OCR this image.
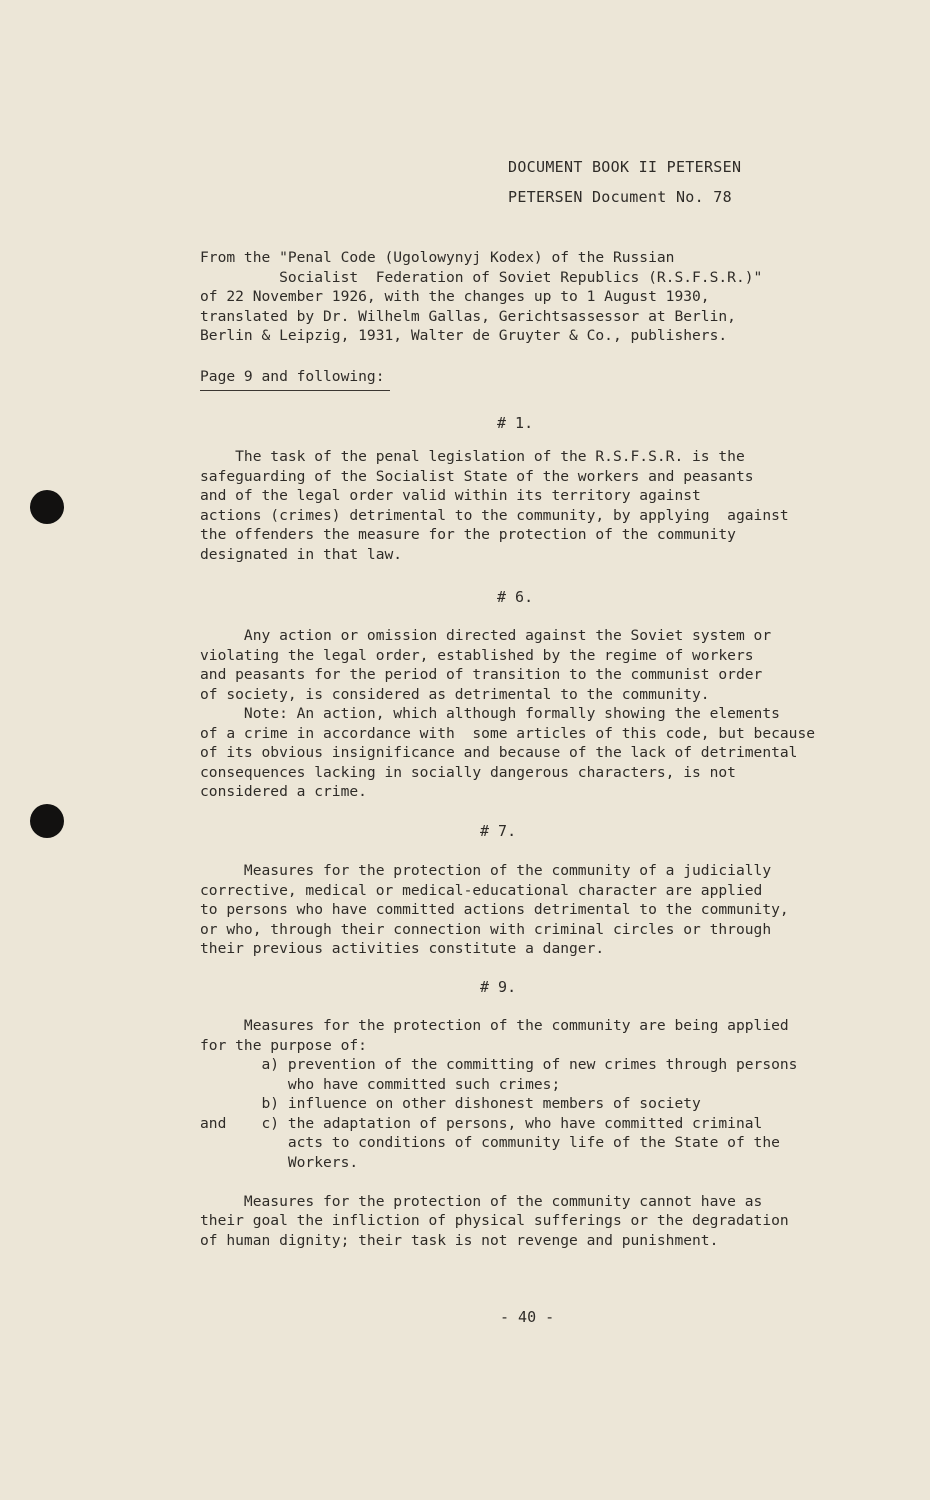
DOCUMENT BOOK II PETERSEN
PETERSEN Document No. 78
From the "Penal Code (Ugolowynyj Kodex) of the Russian
Socialist  Federation of Soviet Republics (R.S.F.S.R.)"
of 22 November 1926, with the changes up to 1 August 1930,
translated by Dr. Wilhelm Gallas, Gerichtsassessor at Berlin,
Berlin & Leipzig, 1931, Walter de Gruyter & Co., publishers.
Page 9 and following:
# 1.
The task of the penal legislation of the R.S.F.S.R. is the
safeguarding of the Socialist State of the workers and peasants
and of the legal order valid within its territory against
actions (crimes) detrimental to the community, by applying  against
the offenders the measure for the protection of the community
designated in that law.
# 6.
Any action or omission directed against the Soviet system or
violating the legal order, established by the regime of workers
and peasants for the period of transition to the communist order
of society, is considered as detrimental to the community.
Note: An action, which although formally showing the elements
of a crime in accordance with  some articles of this code, but because
of its obvious insignificance and because of the lack of detrimental
consequences lacking in socially dangerous characters, is not
considered a crime.
# 7.
Measures for the protection of the community of a judicially
corrective, medical or medical-educational character are applied
to persons who have committed actions detrimental to the community,
or who, through their connection with criminal circles or through
their previous activities constitute a danger.
# 9.
Measures for the protection of the community are being applied
for the purpose of:
a) prevention of the committing of new crimes through persons
who have committed such crimes;
b) influence on other dishonest members of society
and    c) the adaptation of persons, who have committed criminal
acts to conditions of community life of the State of the
Workers.

Measures for the protection of the community cannot have as
their goal the infliction of physical sufferings or the degradation
of human dignity; their task is not revenge and punishment.
- 40 -
